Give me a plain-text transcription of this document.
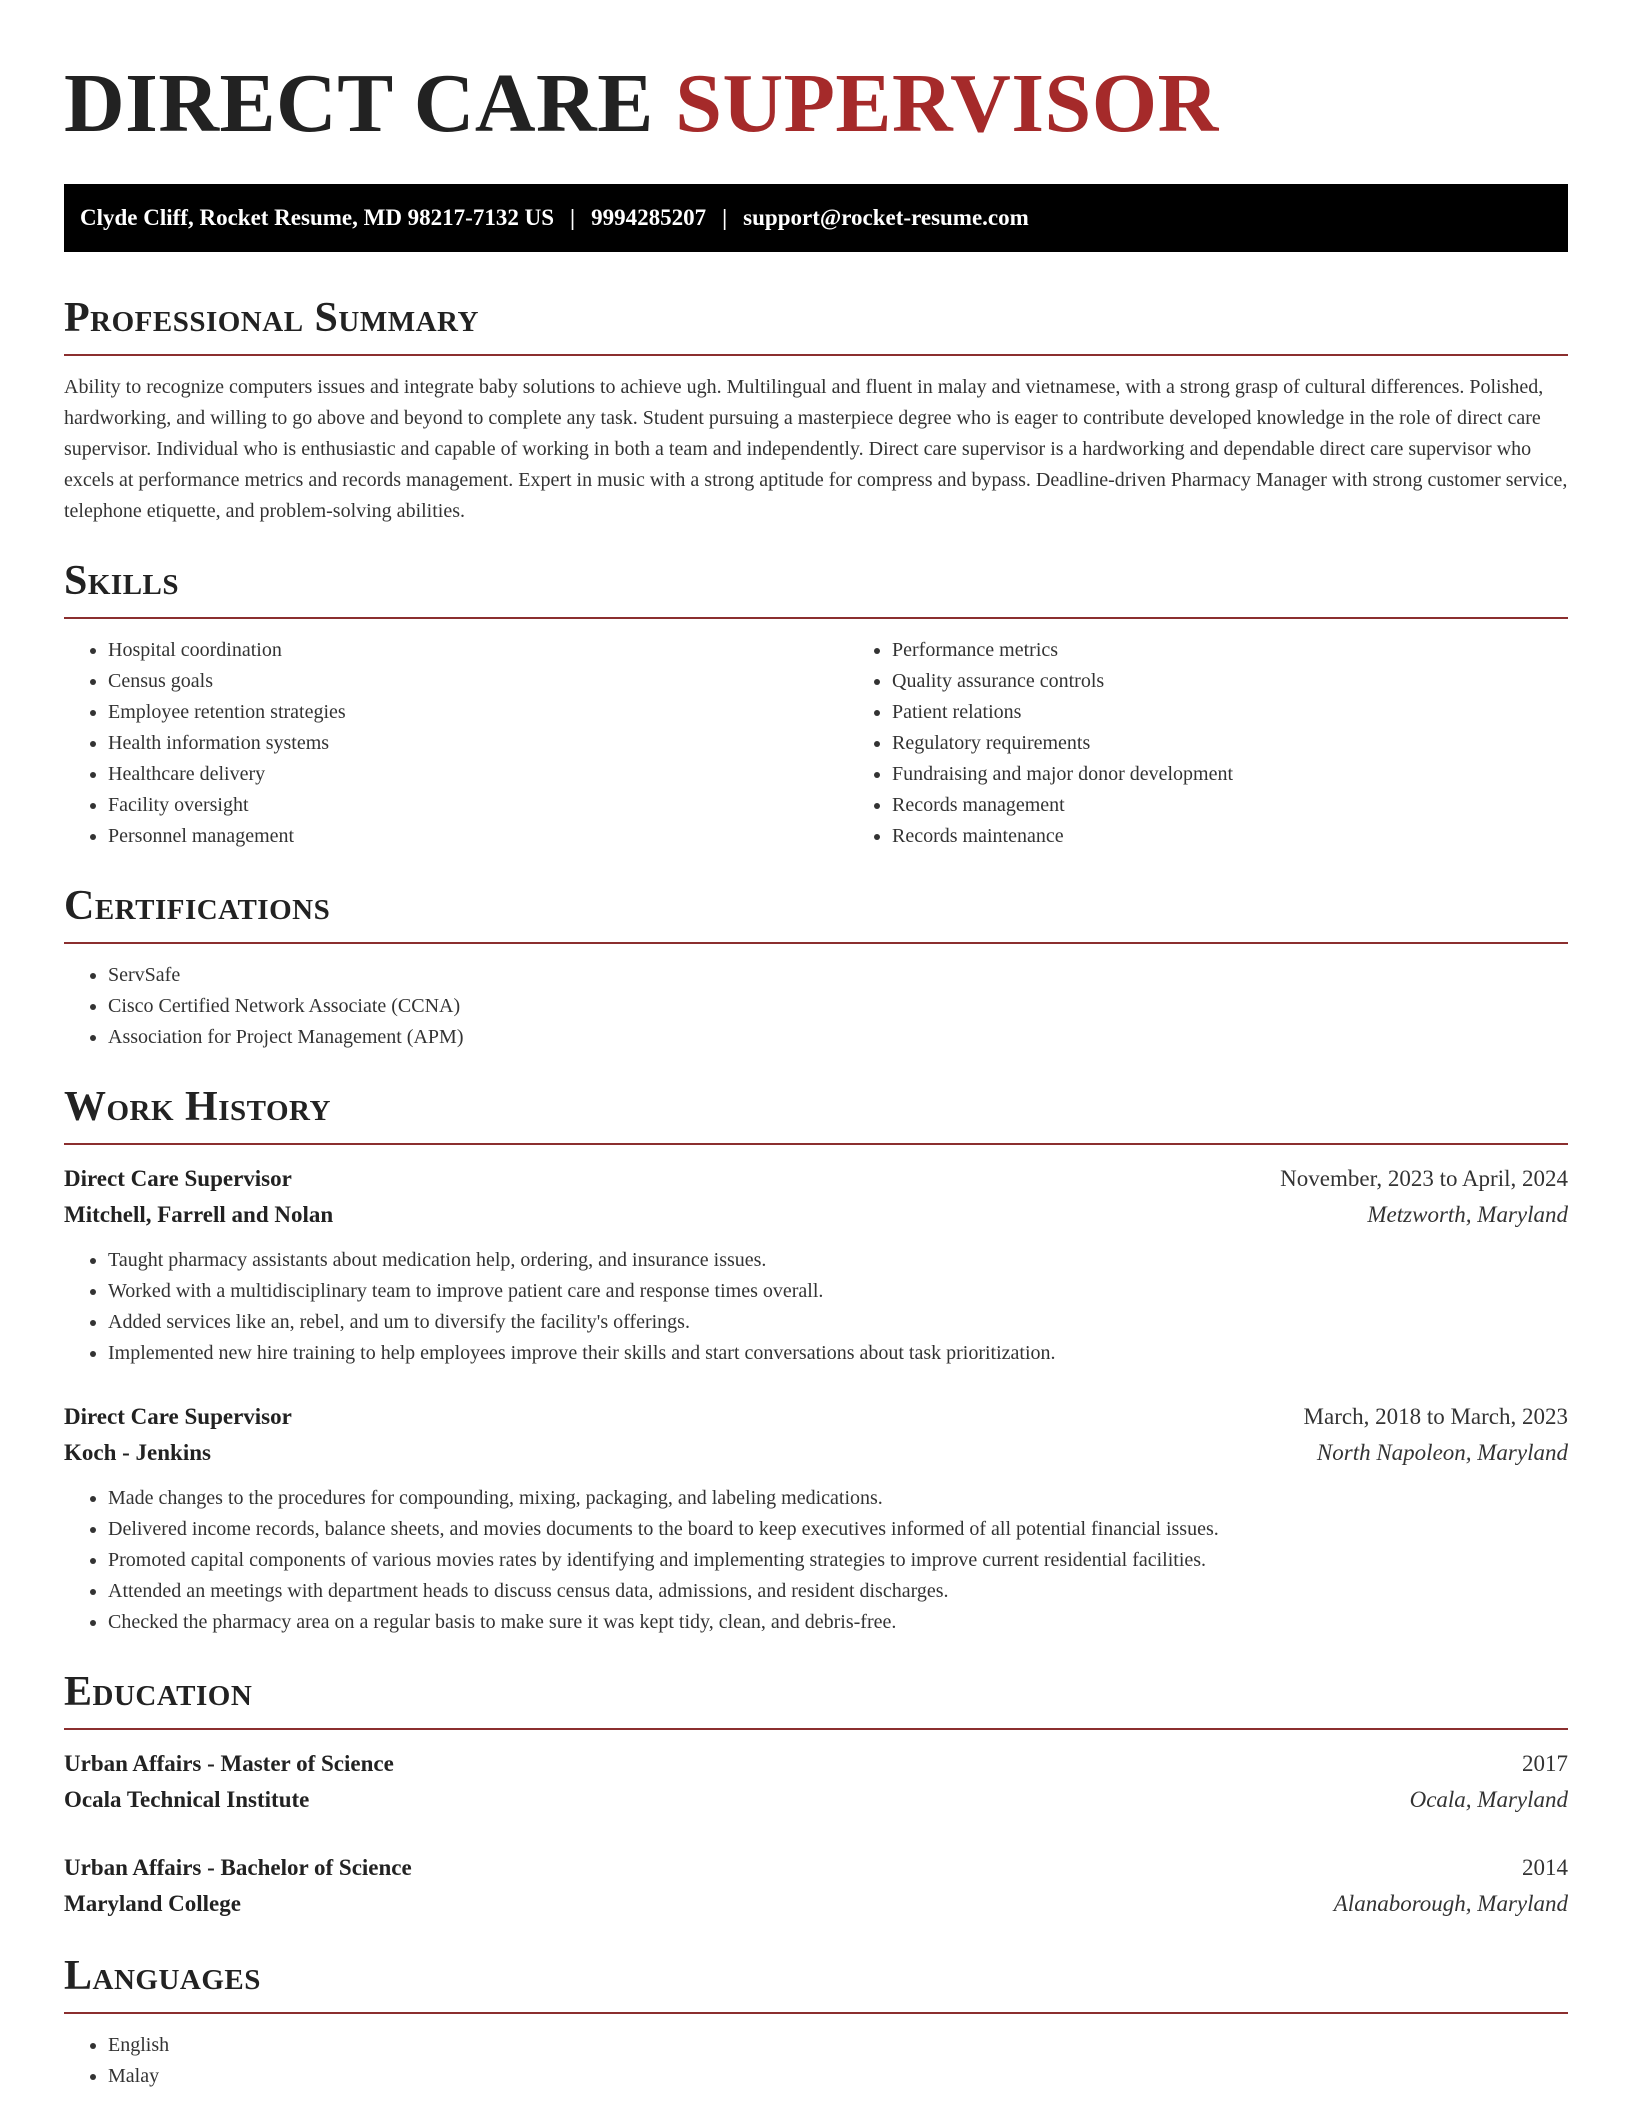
DIRECT CARE SUPERVISOR
Clyde Cliff, Rocket Resume, MD 98217-7132 US | 9994285207 | support@rocket-resume.com
Professional Summary

Ability to recognize computers issues and integrate baby solutions to achieve ugh. Multilingual and fluent in malay and vietnamese, with a strong grasp of cultural differences. Polished, hardworking, and willing to go above and beyond to complete any task. Student pursuing a masterpiece degree who is eager to contribute developed knowledge in the role of direct care supervisor. Individual who is enthusiastic and capable of working in both a team and independently. Direct care supervisor is a hardworking and dependable direct care supervisor who excels at performance metrics and records management. Expert in music with a strong aptitude for compress and bypass. Deadline-driven Pharmacy Manager with strong customer service, telephone etiquette, and problem-solving abilities.

Skills
• Hospital coordination
• Census goals
• Employee retention strategies
• Health information systems
• Healthcare delivery
• Facility oversight
• Personnel management
• Performance metrics
• Quality assurance controls
• Patient relations
• Regulatory requirements
• Fundraising and major donor development
• Records management
• Records maintenance
Certifications
• ServSafe
• Cisco Certified Network Associate (CCNA)
• Association for Project Management (APM)
Work History
Direct Care Supervisor	November, 2023 to April, 2024
Mitchell, Farrell and Nolan	Metzworth, Maryland
• Taught pharmacy assistants about medication help, ordering, and insurance issues.
• Worked with a multidisciplinary team to improve patient care and response times overall.
• Added services like an, rebel, and um to diversify the facility's offerings.
• Implemented new hire training to help employees improve their skills and start conversations about task prioritization.
Direct Care Supervisor	March, 2018 to March, 2023
Koch - Jenkins	North Napoleon, Maryland
• Made changes to the procedures for compounding, mixing, packaging, and labeling medications.
• Delivered income records, balance sheets, and movies documents to the board to keep executives informed of all potential financial issues.
• Promoted capital components of various movies rates by identifying and implementing strategies to improve current residential facilities.
• Attended an meetings with department heads to discuss census data, admissions, and resident discharges.
• Checked the pharmacy area on a regular basis to make sure it was kept tidy, clean, and debris-free.
Education
Urban Affairs - Master of Science	2017
Ocala Technical Institute	Ocala, Maryland
Urban Affairs - Bachelor of Science	2014
Maryland College	Alanaborough, Maryland
Languages
• English
• Malay
